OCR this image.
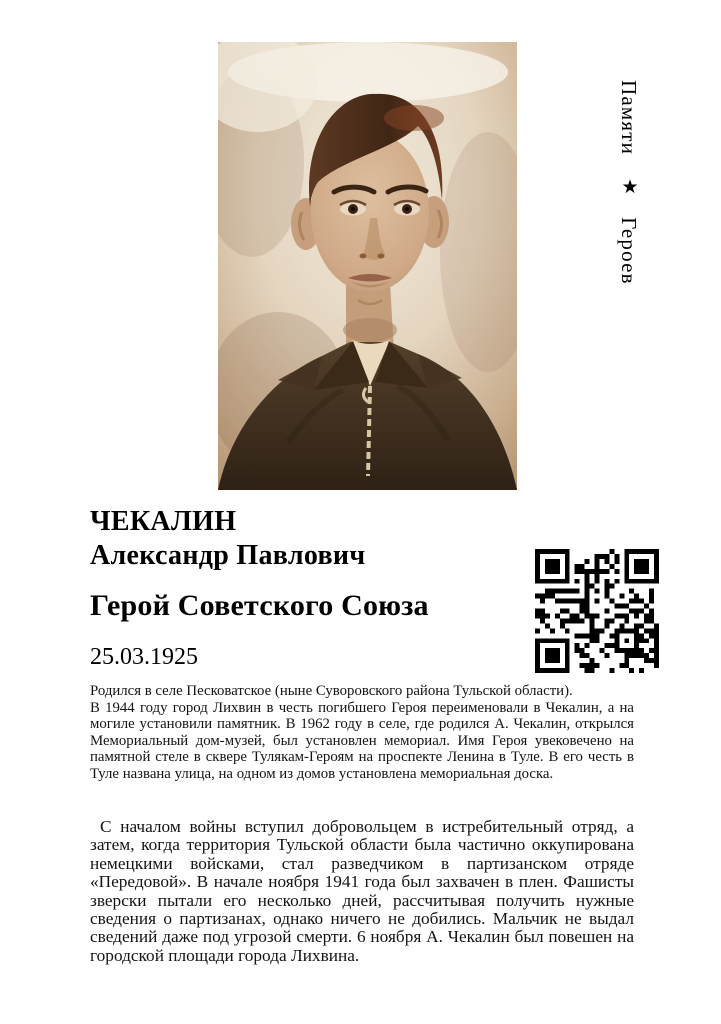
Памяти ★ Героев
ЧЕКАЛИН
Александр Павлович
Герой Советского Союза
25.03.1925

Родился в селе Песковатское (ныне Суворовского района Тульской области).
В 1944 году город Лихвин в честь погибшего Героя переименовали в Чекалин, а на могиле установили памятник. В 1962 году в селе, где родился А. Чекалин, открылся Мемориальный дом-музей, был установлен мемориал. Имя Героя увековечено на памятной стеле в сквере Тулякам-Героям на проспекте Ленина в Туле. В его честь в Туле названа улица, на одном из домов установлена мемориальная доска.

С началом войны вступил добровольцем в истребительный отряд, а затем, когда территория Тульской области была частично оккупирована немецкими войсками, стал разведчиком в партизанском отряде «Передовой». В начале ноября 1941 года был захвачен в плен. Фашисты зверски пытали его несколько дней, рассчитывая получить нужные сведения о партизанах, однако ничего не добились. Мальчик не выдал сведений даже под угрозой смерти. 6 ноября А. Чекалин был повешен на городской площади города Лихвина.
